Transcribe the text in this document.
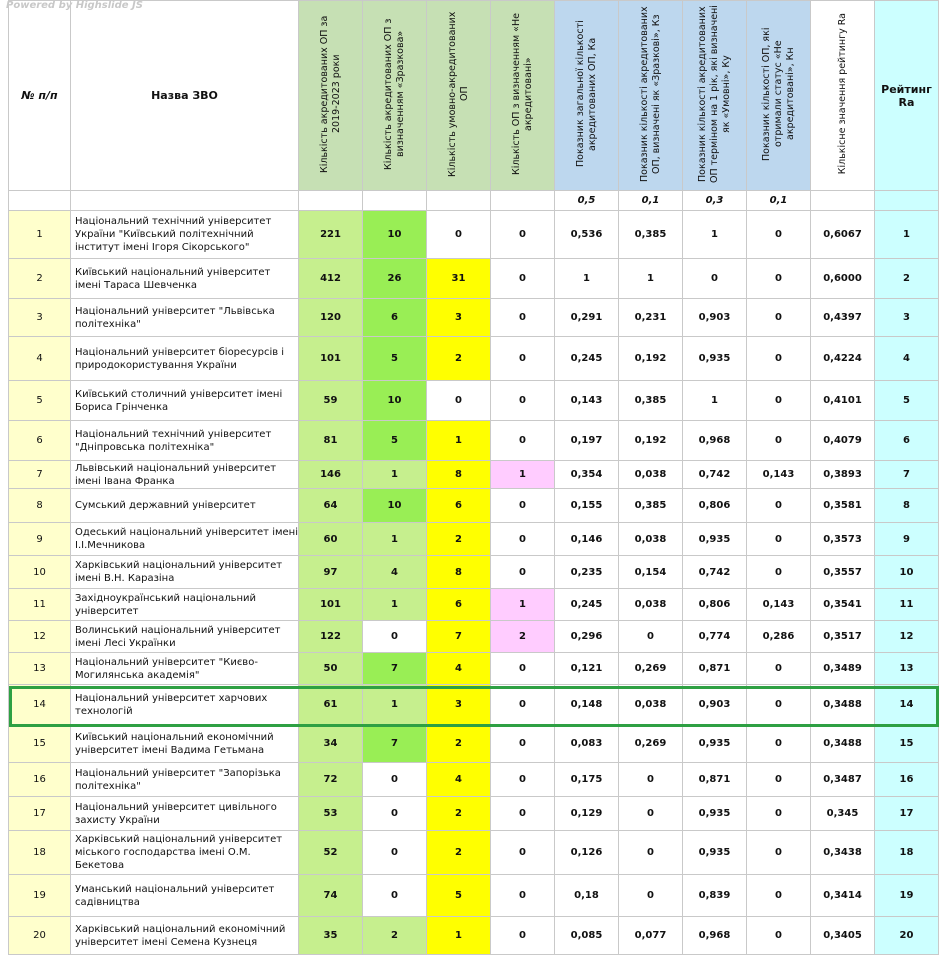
Powered by Highslide JS
№ п/п	Назва ЗВО	Кількість акредитованих ОП за 2019-2023 роки	Кількість акредитованих ОП з визначенням «Зразкова»	Кількість умовно-акредитованих ОП	Кількість ОП з визначенням «Не акредитовані»	Показник загальної кількості акредитованих ОП, Ка	Показник кількості акредитованих ОП, визначені як «Зразкові», Кз	Показник кількості акредитованих ОП терміном на 1 рік, які визначені як «Умовні», Ку	Показник кількості ОП, які отримали статус «Не акредитовані», Кн	Кількісне значення рейтингу Ra	Рейтинг Ra
						0,5	0,1	0,3	0,1		
1	Національний технічний університет України "Київський політехнічний інститут імені Ігоря Сікорського"	221	10	0	0	0,536	0,385	1	0	0,6067	1
2	Київський національний університет імені Тараса Шевченка	412	26	31	0	1	1	0	0	0,6000	2
3	Національний університет "Львівська політехніка"	120	6	3	0	0,291	0,231	0,903	0	0,4397	3
4	Національний університет біоресурсів і природокористування України	101	5	2	0	0,245	0,192	0,935	0	0,4224	4
5	Київський столичний університет імені Бориса Грінченка	59	10	0	0	0,143	0,385	1	0	0,4101	5
6	Національний технічний університет "Дніпровська політехніка"	81	5	1	0	0,197	0,192	0,968	0	0,4079	6
7	Львівський національний університет імені Івана Франка	146	1	8	1	0,354	0,038	0,742	0,143	0,3893	7
8	Сумський державний університет	64	10	6	0	0,155	0,385	0,806	0	0,3581	8
9	Одеський національний університет імені І.І.Мечникова	60	1	2	0	0,146	0,038	0,935	0	0,3573	9
10	Харківський національний університет імені В.Н. Каразіна	97	4	8	0	0,235	0,154	0,742	0	0,3557	10
11	Західноукраїнський національний університет	101	1	6	1	0,245	0,038	0,806	0,143	0,3541	11
12	Волинський національний університет імені Лесі Українки	122	0	7	2	0,296	0	0,774	0,286	0,3517	12
13	Національний університет "Києво-Могилянська академія"	50	7	4	0	0,121	0,269	0,871	0	0,3489	13
14	Національний університет харчових технологій	61	1	3	0	0,148	0,038	0,903	0	0,3488	14
15	Київський національний економічний університет імені Вадима Гетьмана	34	7	2	0	0,083	0,269	0,935	0	0,3488	15
16	Національний університет "Запорізька політехніка"	72	0	4	0	0,175	0	0,871	0	0,3487	16
17	Національний університет цивільного захисту України	53	0	2	0	0,129	0	0,935	0	0,345	17
18	Харківський національний університет міського господарства імені О.М. Бекетова	52	0	2	0	0,126	0	0,935	0	0,3438	18
19	Уманський національний університет садівництва	74	0	5	0	0,18	0	0,839	0	0,3414	19
20	Харківський національний економічний університет імені Семена Кузнеця	35	2	1	0	0,085	0,077	0,968	0	0,3405	20
